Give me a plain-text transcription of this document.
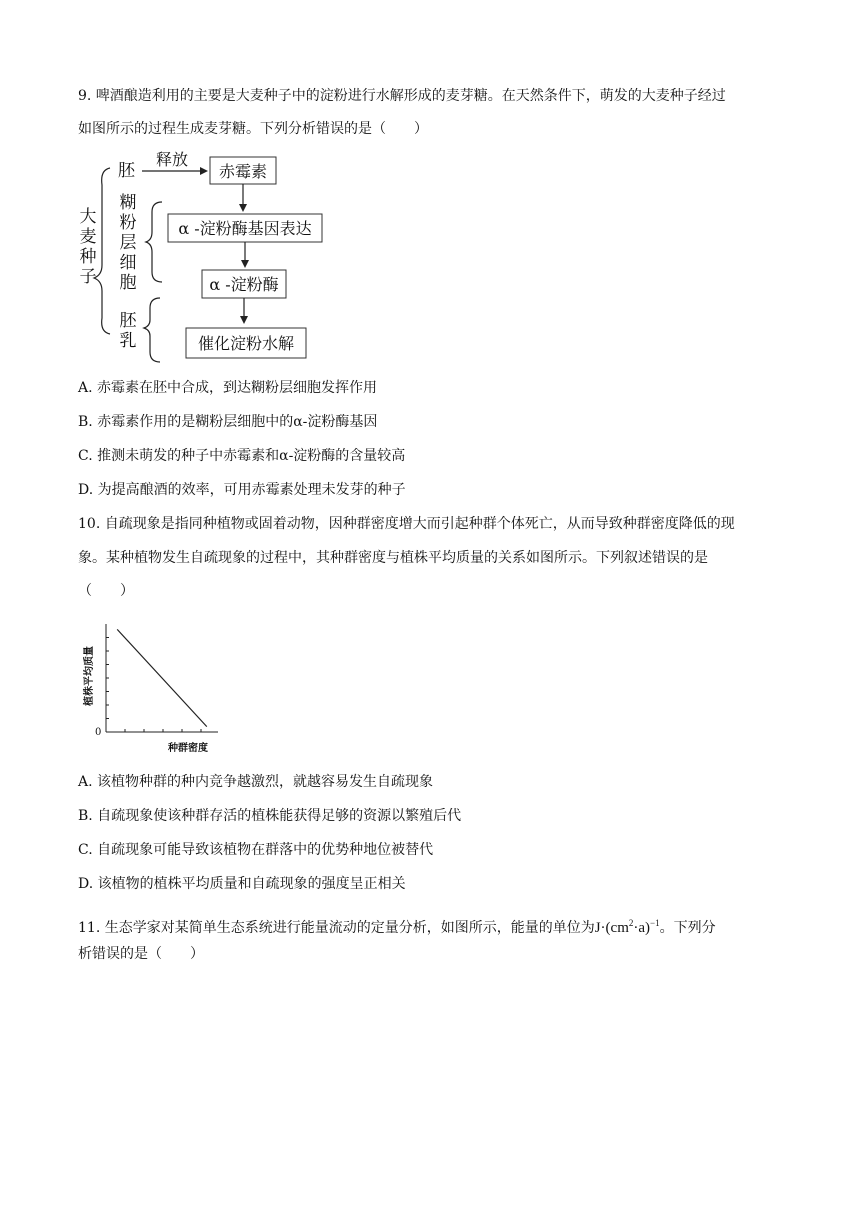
9. 啤酒酿造利用的主要是大麦种子中的淀粉进行水解形成的麦芽糖。在天然条件下，萌发的大麦种子经过
如图所示的过程生成麦芽糖。下列分析错误的是（　　）
大麦种子
胚
释放
赤霉素
糊粉层细胞
α -淀粉酶基因表达
α -淀粉酶
胚乳	催化淀粉水解
A. 赤霉素在胚中合成，到达糊粉层细胞发挥作用
B. 赤霉素作用的是糊粉层细胞中的α-淀粉酶基因
C. 推测未萌发的种子中赤霉素和α-淀粉酶的含量较高
D. 为提高酿酒的效率，可用赤霉素处理未发芽的种子
10. 自疏现象是指同种植物或固着动物，因种群密度增大而引起种群个体死亡，从而导致种群密度降低的现
象。某种植物发生自疏现象的过程中，其种群密度与植株平均质量的关系如图所示。下列叙述错误的是
（　　）
植株平均质量
0
种群密度
A. 该植物种群的种内竞争越激烈，就越容易发生自疏现象
B. 自疏现象使该种群存活的植株能获得足够的资源以繁殖后代
C. 自疏现象可能导致该植物在群落中的优势种地位被替代
D. 该植物的植株平均质量和自疏现象的强度呈正相关
11. 生态学家对某简单生态系统进行能量流动的定量分析，如图所示，能量的单位为$J\cdot(cm^2\cdot a)^{-1}$。下列分
析错误的是（　　）
